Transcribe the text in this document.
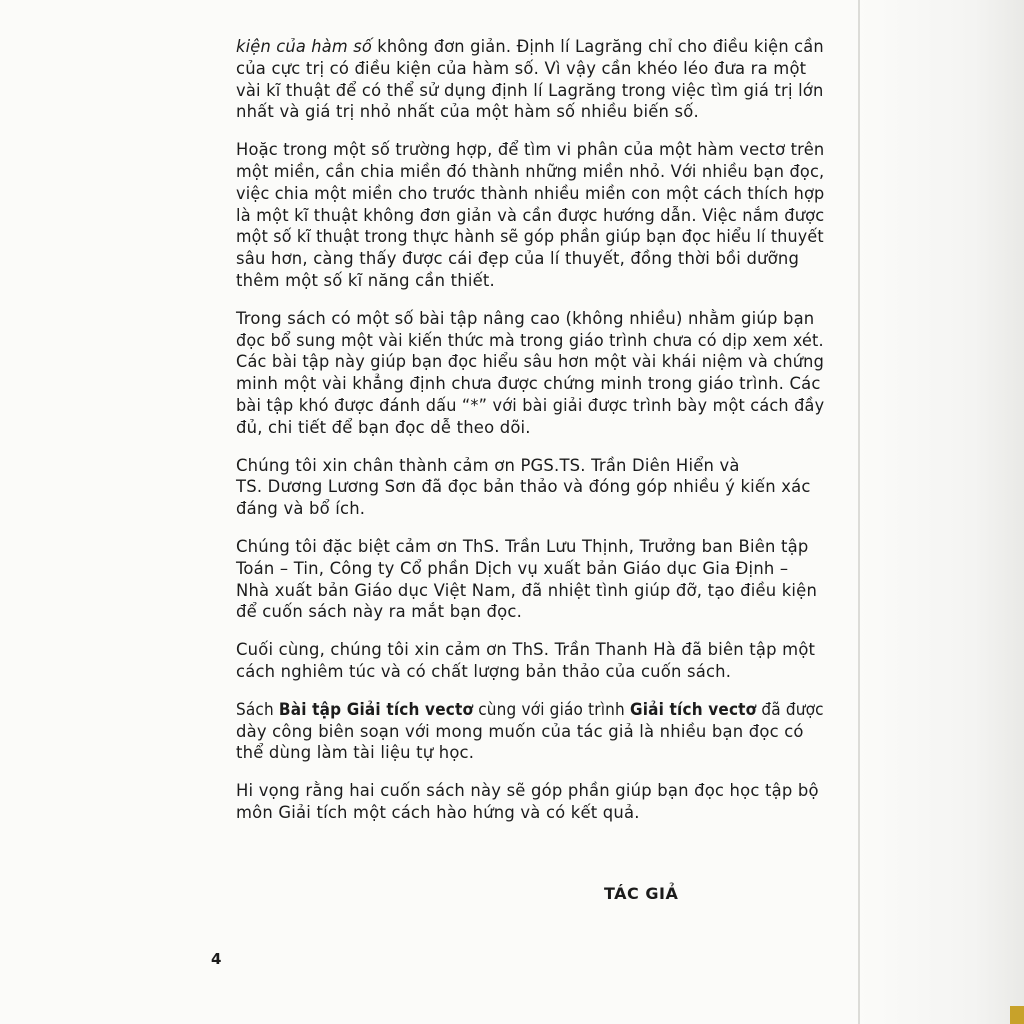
kiện của hàm số không đơn giản. Định lí Lagrăng chỉ cho điều kiện cần
của cực trị có điều kiện của hàm số. Vì vậy cần khéo léo đưa ra một
vài kĩ thuật để có thể sử dụng định lí Lagrăng trong việc tìm giá trị lớn
nhất và giá trị nhỏ nhất của một hàm số nhiều biến số.
Hoặc trong một số trường hợp, để tìm vi phân của một hàm vectơ trên
một miền, cần chia miền đó thành những miền nhỏ. Với nhiều bạn đọc,
việc chia một miền cho trước thành nhiều miền con một cách thích hợp
là một kĩ thuật không đơn giản và cần được hướng dẫn. Việc nắm được
một số kĩ thuật trong thực hành sẽ góp phần giúp bạn đọc hiểu lí thuyết
sâu hơn, càng thấy được cái đẹp của lí thuyết, đồng thời bồi dưỡng
thêm một số kĩ năng cần thiết.
Trong sách có một số bài tập nâng cao (không nhiều) nhằm giúp bạn
đọc bổ sung một vài kiến thức mà trong giáo trình chưa có dịp xem xét.
Các bài tập này giúp bạn đọc hiểu sâu hơn một vài khái niệm và chứng
minh một vài khẳng định chưa được chứng minh trong giáo trình. Các
bài tập khó được đánh dấu “*” với bài giải được trình bày một cách đầy
đủ, chi tiết để bạn đọc dễ theo dõi.
Chúng tôi xin chân thành cảm ơn PGS.TS. Trần Diên Hiển và
TS. Dương Lương Sơn đã đọc bản thảo và đóng góp nhiều ý kiến xác
đáng và bổ ích.
Chúng tôi đặc biệt cảm ơn ThS. Trần Lưu Thịnh, Trưởng ban Biên tập
Toán – Tin, Công ty Cổ phần Dịch vụ xuất bản Giáo dục Gia Định –
Nhà xuất bản Giáo dục Việt Nam, đã nhiệt tình giúp đỡ, tạo điều kiện
để cuốn sách này ra mắt bạn đọc.
Cuối cùng, chúng tôi xin cảm ơn ThS. Trần Thanh Hà đã biên tập một
cách nghiêm túc và có chất lượng bản thảo của cuốn sách.
Sách Bài tập Giải tích vectơ cùng với giáo trình Giải tích vectơ đã được
dày công biên soạn với mong muốn của tác giả là nhiều bạn đọc có
thể dùng làm tài liệu tự học.
Hi vọng rằng hai cuốn sách này sẽ góp phần giúp bạn đọc học tập bộ
môn Giải tích một cách hào hứng và có kết quả.
TÁC GIẢ
4
